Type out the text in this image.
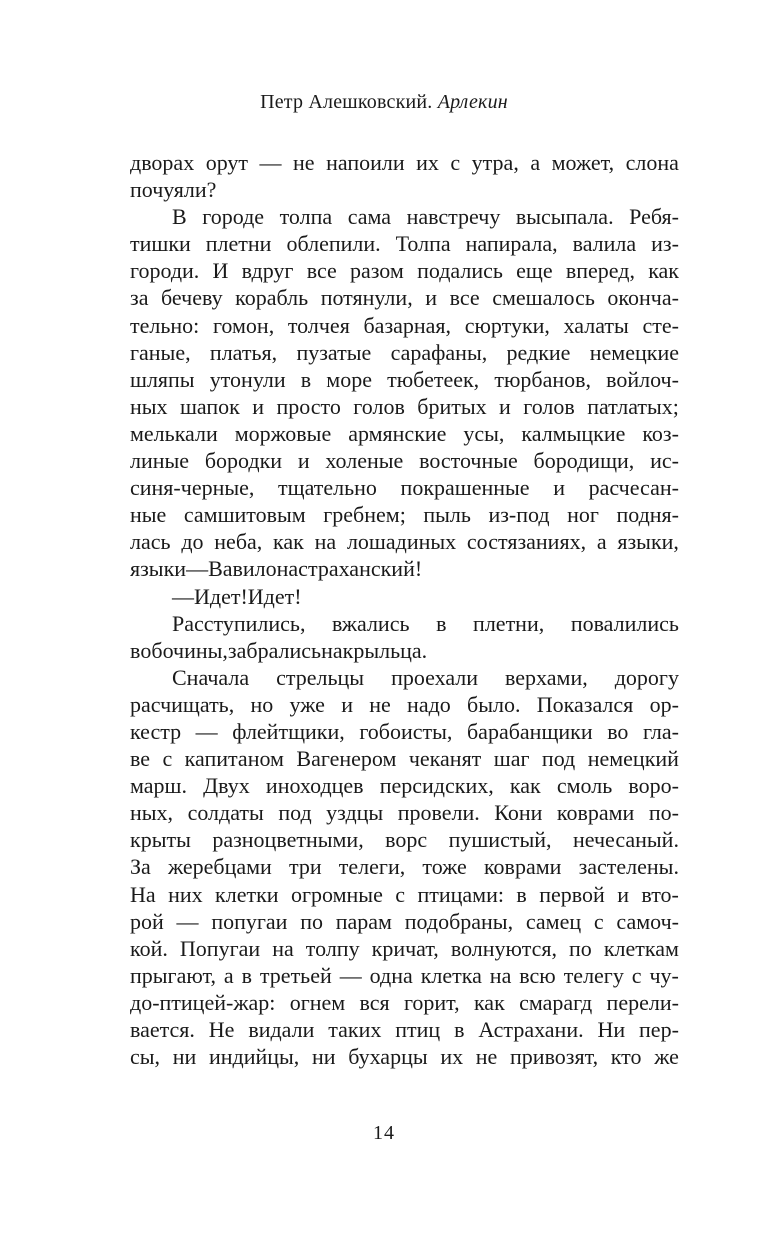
Петр Алешковский. Арлекин
дворах орут — не напоили их с утра, а может, слона
почуяли?
В городе толпа сама навстречу высыпала. Ребя-
тишки плетни облепили. Толпа напирала, валила из-
городи. И вдруг все разом подались еще вперед, как
за бечеву корабль потянули, и все смешалось оконча-
тельно: гомон, толчея базарная, сюртуки, халаты сте-
ганые, платья, пузатые сарафаны, редкие немецкие
шляпы утонули в море тюбетеек, тюрбанов, войлоч-
ных шапок и просто голов бритых и голов патлатых;
мелькали моржовые армянские усы, калмыцкие коз-
линые бородки и холеные восточные бородищи, ис-
синя-черные, тщательно покрашенные и расчесан-
ные самшитовым гребнем; пыль из-под ног подня-
лась до неба, как на лошадиных состязаниях, а языки,
языки — Вавилон астраханский!
— Идет! Идет!
Расступились, вжались в плетни, повалились
в обочины, забрались на крыльца.
Сначала стрельцы проехали верхами, дорогу
расчищать, но уже и не надо было. Показался ор-
кестр — флейтщики, гобоисты, барабанщики во гла-
ве с капитаном Вагенером чеканят шаг под немецкий
марш. Двух иноходцев персидских, как смоль воро-
ных, солдаты под уздцы провели. Кони коврами по-
крыты разноцветными, ворс пушистый, нечесаный.
За жеребцами три телеги, тоже коврами застелены.
На них клетки огромные с птицами: в первой и вто-
рой — попугаи по парам подобраны, самец с самоч-
кой. Попугаи на толпу кричат, волнуются, по клеткам
прыгают, а в третьей — одна клетка на всю телегу с чу-
до-птицей-жар: огнем вся горит, как смарагд перели-
вается. Не видали таких птиц в Астрахани. Ни пер-
сы, ни индийцы, ни бухарцы их не привозят, кто же
14
